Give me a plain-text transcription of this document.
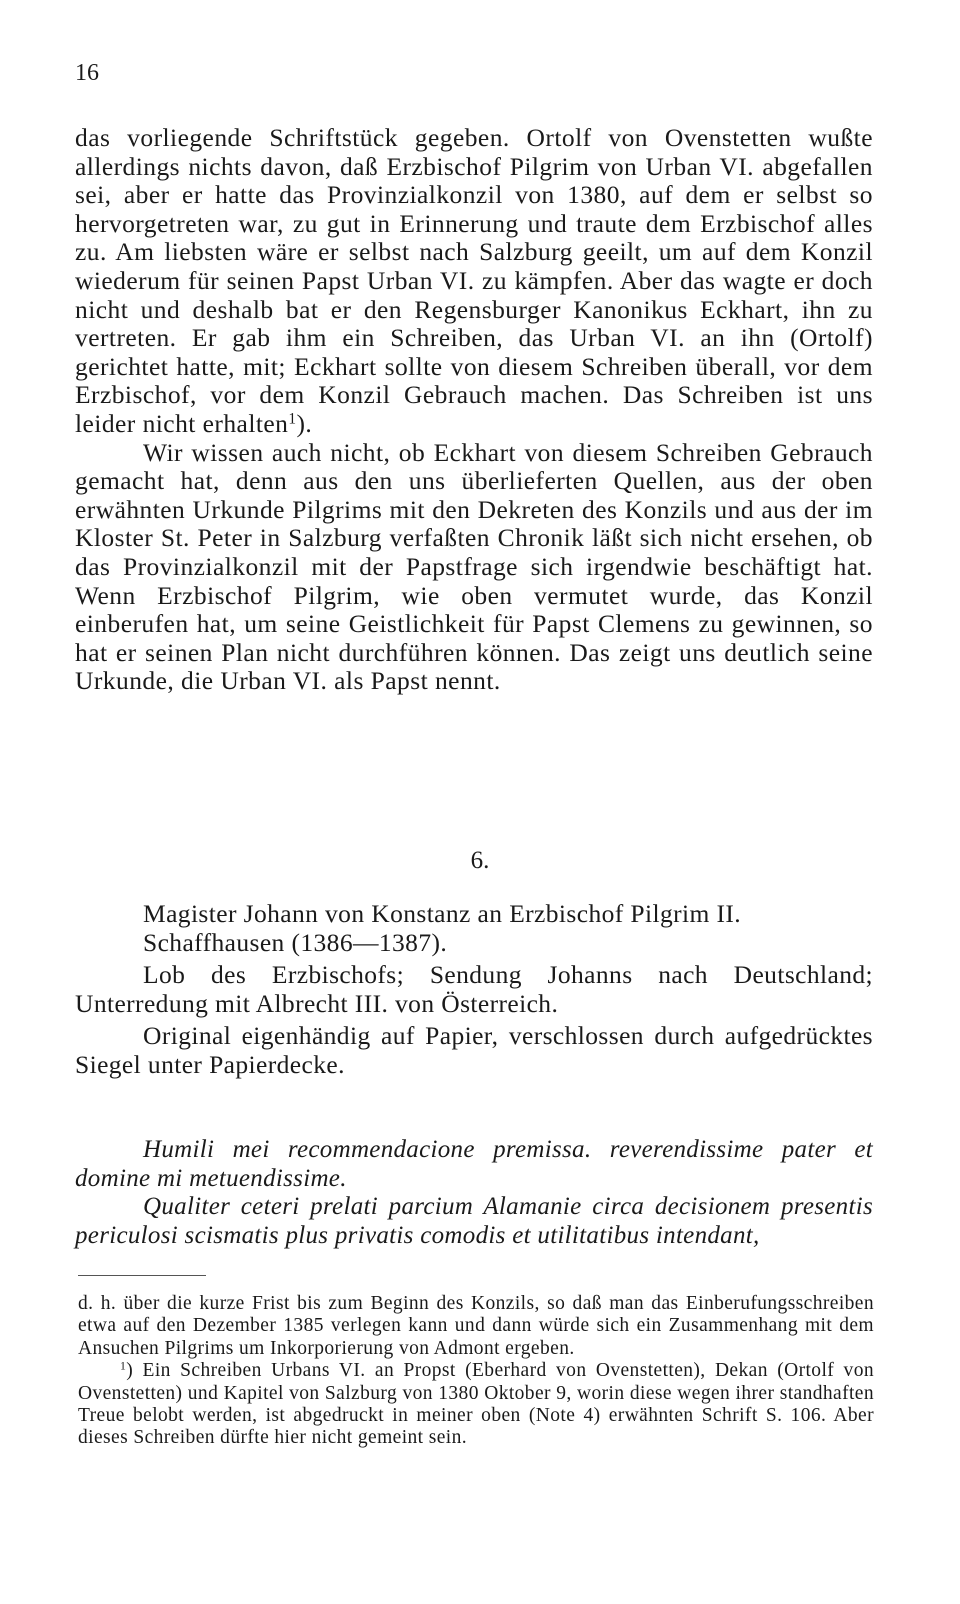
16

das vorliegende Schriftstück gegeben. Ortolf von Ovenstetten wußte allerdings nichts davon, daß Erzbischof Pilgrim von Urban VI. abgefallen sei, aber er hatte das Provinzialkonzil von 1380, auf dem er selbst so hervorgetreten war, zu gut in Erinnerung und traute dem Erzbischof alles zu. Am liebsten wäre er selbst nach Salzburg geeilt, um auf dem Konzil wiederum für seinen Papst Urban VI. zu kämpfen. Aber das wagte er doch nicht und deshalb bat er den Regensburger Kanonikus Eckhart, ihn zu vertreten. Er gab ihm ein Schreiben, das Urban VI. an ihn (Ortolf) gerichtet hatte, mit; Eckhart sollte von diesem Schreiben überall, vor dem Erzbischof, vor dem Konzil Gebrauch machen. Das Schreiben ist uns leider nicht erhalten$^1$).

Wir wissen auch nicht, ob Eckhart von diesem Schreiben Gebrauch gemacht hat, denn aus den uns überlieferten Quellen, aus der oben erwähnten Urkunde Pilgrims mit den Dekreten des Konzils und aus der im Kloster St. Peter in Salzburg verfaßten Chronik läßt sich nicht ersehen, ob das Provinzialkonzil mit der Papstfrage sich irgendwie beschäftigt hat. Wenn Erzbischof Pilgrim, wie oben vermutet wurde, das Konzil einberufen hat, um seine Geistlichkeit für Papst Clemens zu gewinnen, so hat er seinen Plan nicht durchführen können. Das zeigt uns deutlich seine Urkunde, die Urban VI. als Papst nennt.

6.

Magister Johann von Konstanz an Erzbischof Pilgrim II.

Schaffhausen (1386—1387).

Lob des Erzbischofs; Sendung Johanns nach Deutschland; Unterredung mit Albrecht III. von Österreich.

Original eigenhändig auf Papier, verschlossen durch aufgedrücktes Siegel unter Papierdecke.

Humili mei recommendacione premissa. reverendissime pater et domine mi metuendissime.

Qualiter ceteri prelati parcium Alamanie circa decisionem presentis periculosi scismatis plus privatis comodis et utilitatibus intendant,

d. h. über die kurze Frist bis zum Beginn des Konzils, so daß man das Einberufungsschreiben etwa auf den Dezember 1385 verlegen kann und dann würde sich ein Zusammenhang mit dem Ansuchen Pilgrims um Inkorporierung von Admont ergeben.

$^1$) Ein Schreiben Urbans VI. an Propst (Eberhard von Ovenstetten), Dekan (Ortolf von Ovenstetten) und Kapitel von Salzburg von 1380 Oktober 9, worin diese wegen ihrer standhaften Treue belobt werden, ist abgedruckt in meiner oben (Note 4) erwähnten Schrift S. 106. Aber dieses Schreiben dürfte hier nicht gemeint sein.
